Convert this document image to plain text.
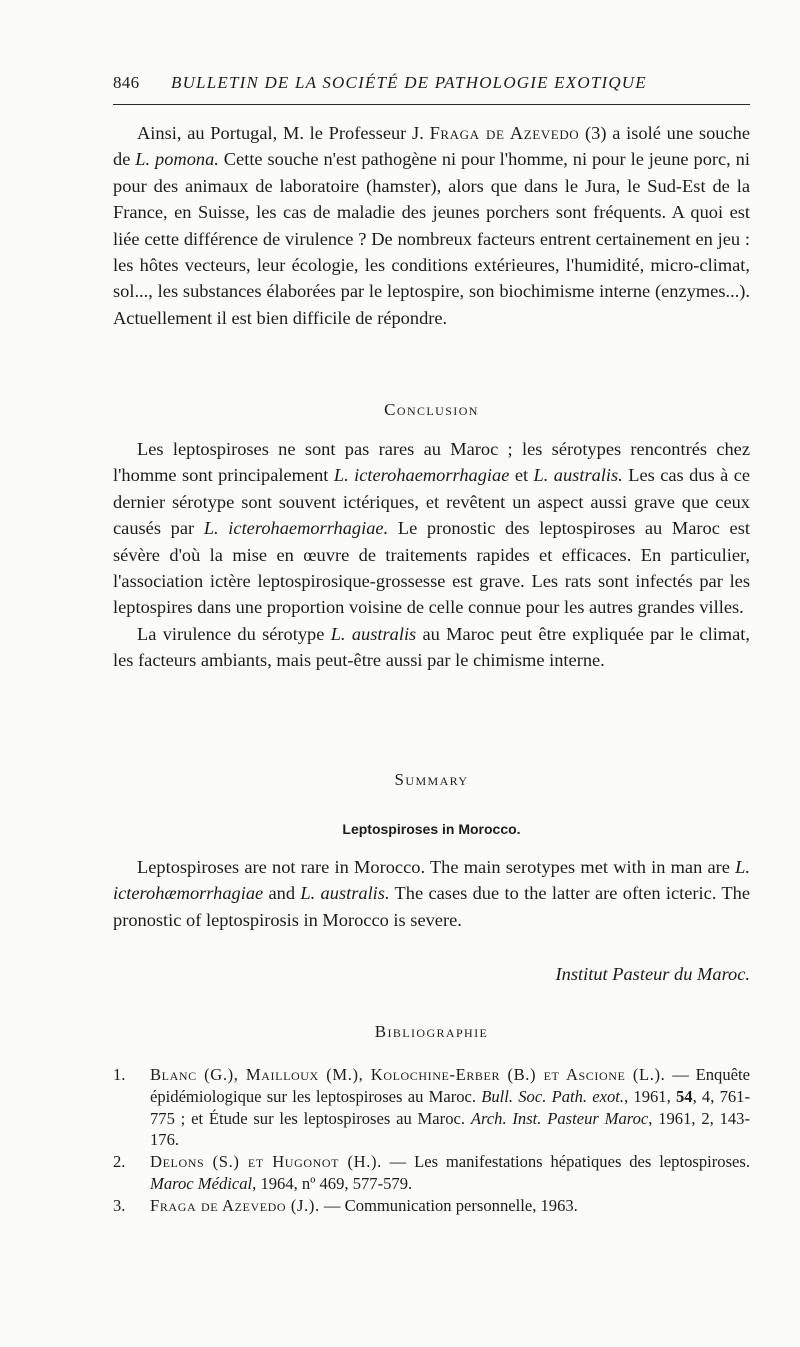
846 BULLETIN DE LA SOCIÉTÉ DE PATHOLOGIE EXOTIQUE

Ainsi, au Portugal, M. le Professeur J. Fraga de Azevedo (3) a isolé une souche de L. pomona. Cette souche n'est pathogène ni pour l'homme, ni pour le jeune porc, ni pour des animaux de laboratoire (hamster), alors que dans le Jura, le Sud-Est de la France, en Suisse, les cas de maladie des jeunes porchers sont fréquents. A quoi est liée cette différence de virulence ? De nombreux facteurs entrent certainement en jeu : les hôtes vecteurs, leur écologie, les conditions extérieures, l'humidité, micro-climat, sol..., les substances élaborées par le leptospire, son biochimisme interne (enzymes...). Actuellement il est bien difficile de répondre.

Conclusion

Les leptospiroses ne sont pas rares au Maroc ; les sérotypes rencontrés chez l'homme sont principalement L. icterohaemorrhagiae et L. australis. Les cas dus à ce dernier sérotype sont souvent ictériques, et revêtent un aspect aussi grave que ceux causés par L. icterohaemorrhagiae. Le pronostic des leptospiroses au Maroc est sévère d'où la mise en œuvre de traitements rapides et efficaces. En particulier, l'association ictère leptospirosique-grossesse est grave. Les rats sont infectés par les leptospires dans une proportion voisine de celle connue pour les autres grandes villes.

La virulence du sérotype L. australis au Maroc peut être expliquée par le climat, les facteurs ambiants, mais peut-être aussi par le chimisme interne.

Summary
Leptospiroses in Morocco.

Leptospiroses are not rare in Morocco. The main serotypes met with in man are L. icterohæmorrhagiae and L. australis. The cases due to the latter are often icteric. The pronostic of leptospirosis in Morocco is severe.

Institut Pasteur du Maroc.
Bibliographie
1. Blanc (G.), Mailloux (M.), Kolochine-Erber (B.) et Ascione (L.). — Enquête épidémiologique sur les leptospiroses au Maroc. Bull. Soc. Path. exot., 1961, 54, 4, 761-775 ; et Étude sur les leptospiroses au Maroc. Arch. Inst. Pasteur Maroc, 1961, 2, 143-176.
2. Delons (S.) et Hugonot (H.). — Les manifestations hépatiques des leptospiroses. Maroc Médical, 1964, nº 469, 577-579.
3. Fraga de Azevedo (J.). — Communication personnelle, 1963.
